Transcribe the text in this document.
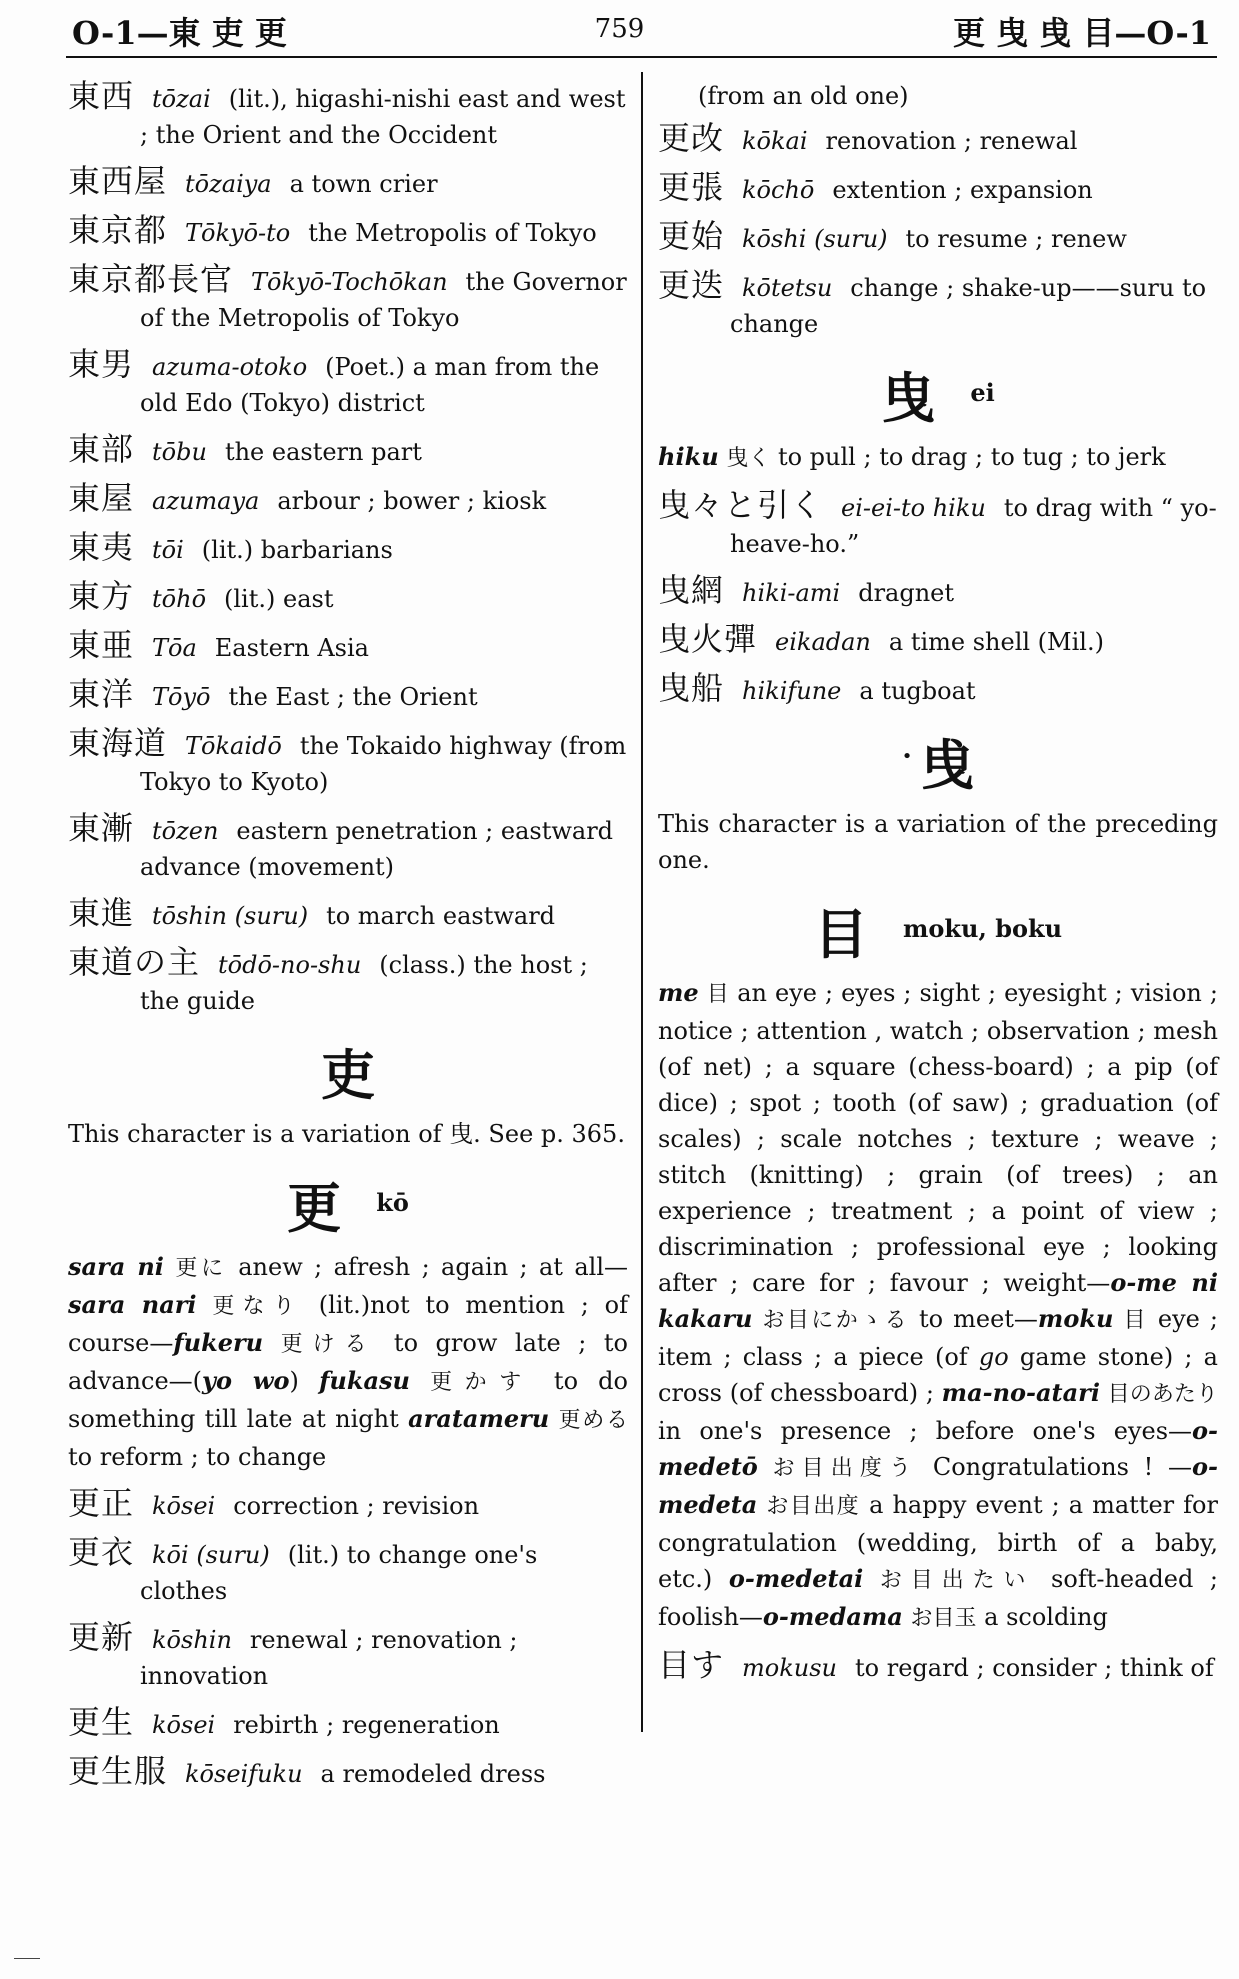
O-1—東 吏 更	759	更 曳 曵 目—O-1
東西 tōzai (lit.), higashi-nishi east and west ; the Orient and the Occident
東西屋 tōzaiya a town crier
東京都 Tōkyō-to the Metropolis of Tokyo
東京都長官 Tōkyō-Tochōkan the Governor of the Metropolis of Tokyo
東男 azuma-otoko (Poet.) a man from the old Edo (Tokyo) district
東部 tōbu the eastern part
東屋 azumaya arbour ; bower ; kiosk
東夷 tōi (lit.) barbarians
東方 tōhō (lit.) east
東亜 Tōa Eastern Asia
東洋 Tōyō the East ; the Orient
東海道 Tōkaidō the Tokaido highway (from Tokyo to Kyoto)
東漸 tōzen eastern penetration ; eastward advance (movement)
東進 tōshin (suru) to march eastward
東道の主 tōdō-no-shu (class.) the host ; the guide
吏

This character is a variation of 曳. See p. 365.

更 kō

sara ni 更に anew ; afresh ; again ; at all—sara nari 更なり (lit.)not to mention ; of course—fukeru 更ける to grow late ; to advance—(yo wo) fukasu 更かす to do something till late at night aratameru 更める to reform ; to change

更正 kōsei correction ; revision
更衣 kōi (suru) (lit.) to change one's clothes
更新 kōshin renewal ; renovation ; innovation
更生 kōsei rebirth ; regeneration
更生服 kōseifuku a remodeled dress
(from an old one)
更改 kōkai renovation ; renewal
更張 kōchō extention ; expansion
更始 kōshi (suru) to resume ; renew
更迭 kōtetsu change ; shake-up——suru to change
曳 ei

hiku 曳く to pull ; to drag ; to tug ; to jerk

曳々と引く ei-ei-to hiku to drag with “ yo-heave-ho.”
曳網 hiki-ami dragnet
曳火彈 eikadan a time shell (Mil.)
曳船 hikifune a tugboat
• 曵

This character is a variation of the preceding one.

目 moku, boku

me 目 an eye ; eyes ; sight ; eyesight ; vision ; notice ; attention , watch ; observation ; mesh (of net) ; a square (chess-board) ; a pip (of dice) ; spot ; tooth (of saw) ; graduation (of scales) ; scale notches ; texture ; weave ; stitch (knitting) ; grain (of trees) ; an experience ; treatment ; a point of view ; discrimination ; professional eye ; looking after ; care for ; favour ; weight—o-me ni kakaru お目にかゝる to meet—moku 目 eye ; item ; class ; a piece (of go game stone) ; a cross (of chessboard) ; ma-no-atari 目のあたり in one's presence ; before one's eyes—o-medetō お目出度う Congratulations ! —o-medeta お目出度 a happy event ; a matter for congratulation (wedding, birth of a baby, etc.) o-medetai お目出たい soft-headed ; foolish—o-medama お目玉 a scolding

目す mokusu to regard ; consider ; think of
